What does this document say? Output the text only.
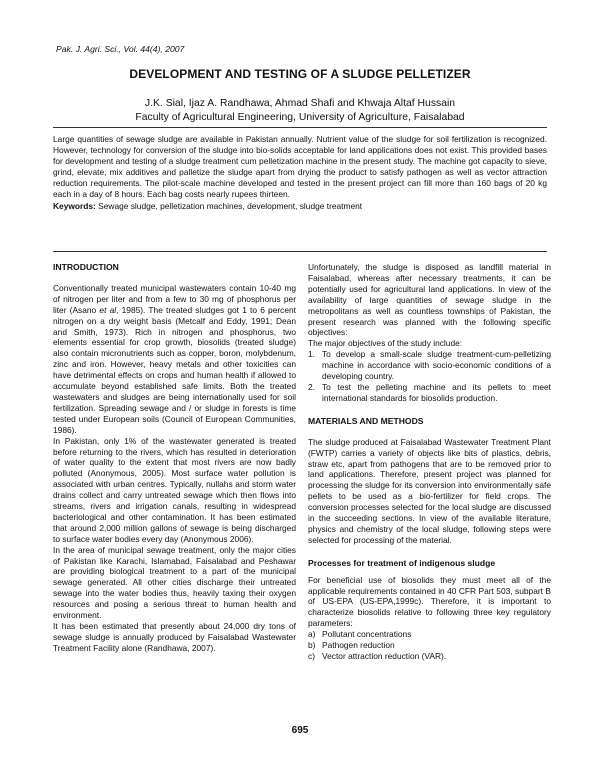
Pak. J. Agri. Sci., Vol. 44(4), 2007
DEVELOPMENT AND TESTING OF A SLUDGE PELLETIZER
J.K. Sial, Ijaz A. Randhawa, Ahmad Shafi and Khwaja Altaf Hussain
Faculty of Agricultural Engineering, University of Agriculture, Faisalabad

Large quantities of sewage sludge are available in Pakistan annually. Nutrient value of the sludge for soil fertilization is recognized. However, technology for conversion of the sludge into bio-solids acceptable for land applications does not exist. This provided bases for development and testing of a sludge treatment cum pelletization machine in the present study. The machine got capacity to sieve, grind, elevate, mix additives and palletize the sludge apart from drying the product to satisfy pathogen as well as vector attraction reduction requirements. The pilot-scale machine developed and tested in the present project can fill more than 160 bags of 20 kg each in a day of 8 hours. Each bag costs nearly rupees thirteen.

Keywords: Sewage sludge, pelletization machines, development, sludge treatment

INTRODUCTION

Conventionally treated municipal wastewaters contain 10-40 mg of nitrogen per liter and from a few to 30 mg of phosphorus per liter (Asano et al, 1985). The treated sludges got 1 to 6 percent nitrogen on a dry weight basis (Metcalf and Eddy, 1991; Dean and Smith, 1973). Rich in nitrogen and phosphorus, two elements essential for crop growth, biosolids (treated sludge) also contain micronutrients such as copper, boron, molybdenum, zinc and iron. However, heavy metals and other toxicities can have detrimental effects on crops and human health if allowed to accumulate beyond established safe limits. Both the treated wastewaters and sludges are being internationally used for soil fertilization. Spreading sewage and / or sludge in forests is time tested under European soils (Council of European Communities, 1986).

In Pakistan, only 1% of the wastewater generated is treated before returning to the rivers, which has resulted in deterioration of water quality to the extent that most rivers are now badly polluted (Anonymous, 2005). Most surface water pollution is associated with urban centres. Typically, nullahs and storm water drains collect and carry untreated sewage which then flows into streams, rivers and irrigation canals, resulting in widespread bacteriological and other contamination. It has been estimated that around 2,000 million gallons of sewage is being discharged to surface water bodies every day (Anonymous 2006).

In the area of municipal sewage treatment, only the major cities of Pakistan like Karachi, Islamabad, Faisalabad and Peshawar are providing biological treatment to a part of the municipal sewage generated. All other cities discharge their untreated sewage into the water bodies thus, heavily taxing their oxygen resources and posing a serious threat to human health and environment.

It has been estimated that presently about 24,000 dry tons of sewage sludge is annually produced by Faisalabad Wastewater Treatment Facility alone (Randhawa, 2007).

Unfortunately, the sludge is disposed as landfill material in Faisalabad, whereas after necessary treatments, it can be potentially used for agricultural land applications. In view of the availability of large quantities of sewage sludge in the metropolitans as well as countless townships of Pakistan, the present research was planned with the following specific objectives:

The major objectives of the study include:

1. To develop a small-scale sludge treatment-cum-pelletizing machine in accordance with socio-economic conditions of a developing country.
2. To test the pelleting machine and its pellets to meet international standards for biosolids production.
MATERIALS AND METHODS

The sludge produced at Faisalabad Wastewater Treatment Plant (FWTP) carries a variety of objects like bits of plastics, debris, straw etc, apart from pathogens that are to be removed prior to land applications. Therefore, present project was planned for processing the sludge for its conversion into environmentally safe pellets to be used as a bio-fertilizer for field crops. The conversion processes selected for the local sludge are discussed in the succeeding sections. In view of the available literature, physics and chemistry of the local sludge, following steps were selected for processing of the material.

Processes for treatment of indigenous sludge

For beneficial use of biosolids they must meet all of the applicable requirements contained in 40 CFR Part 503, subpart B of US-EPA (US-EPA,1999c). Therefore, it is important to characterize biosolids relative to following three key regulatory parameters:

a) Pollutant concentrations
b) Pathogen reduction
c) Vector attraction reduction (VAR).
695
